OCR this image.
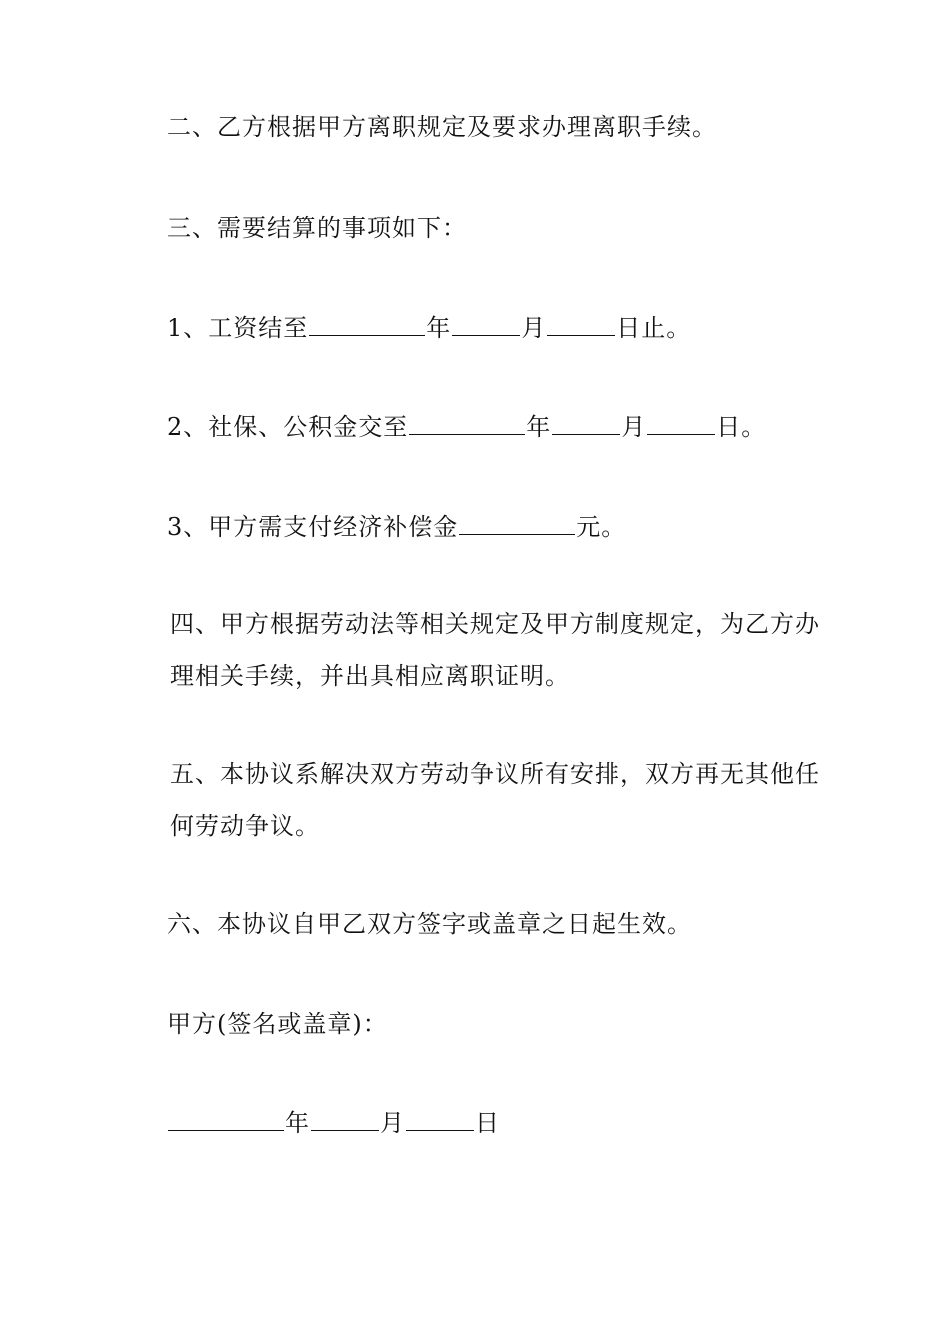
二、乙方根据甲方离职规定及要求办理离职手续。
三、需要结算的事项如下：
1、工资结至	年	月	日止。
2、社保、公积金交至	年	月	日。
3、甲方需支付经济补偿金	元。
四、甲方根据劳动法等相关规定及甲方制度规定，为乙方办理相关手续，并出具相应离职证明。
五、本协议系解决双方劳动争议所有安排，双方再无其他任何劳动争议。
六、本协议自甲乙双方签字或盖章之日起生效。
甲方(签名或盖章)：
年	月	日
